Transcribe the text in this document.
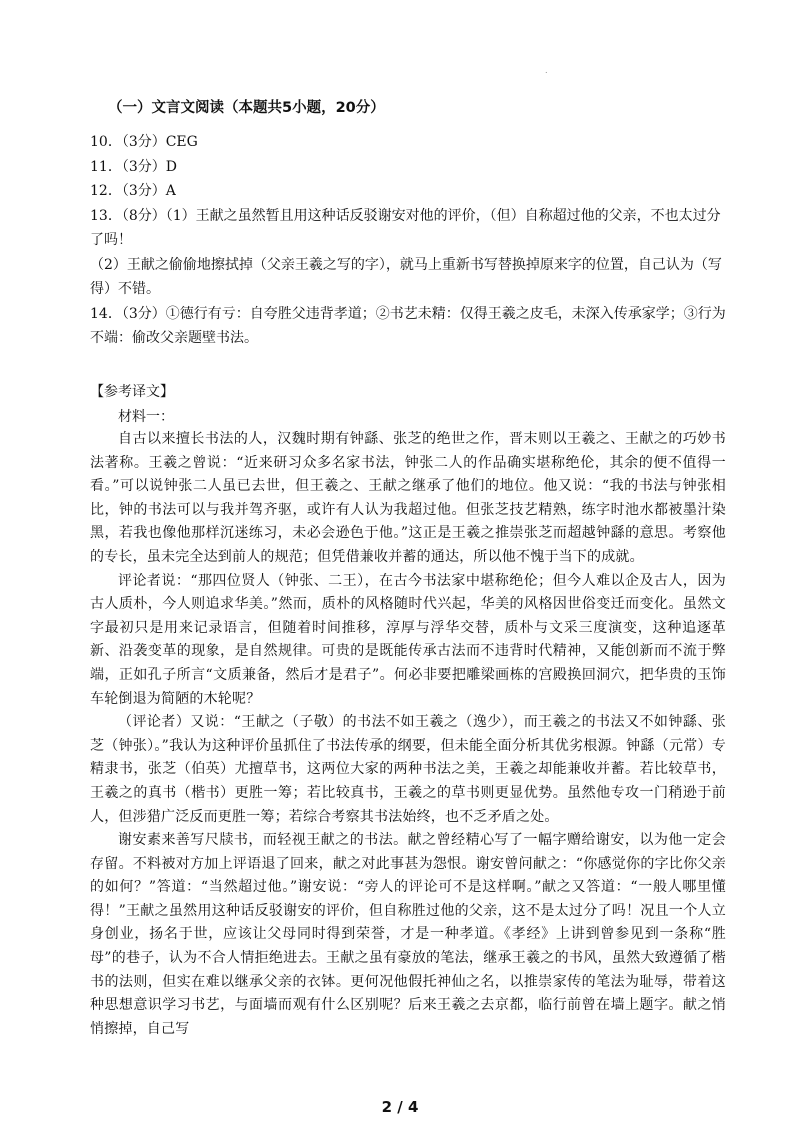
.
（一）文言文阅读（本题共5小题，20分）
10．（3分）CEG
11．（3分）D
12．（3分）A
13．（8分）（1）王献之虽然暂且用这种话反驳谢安对他的评价，（但）自称超过他的父亲，不也太过分了吗！
（2）王献之偷偷地擦拭掉（父亲王羲之写的字），就马上重新书写替换掉原来字的位置，自己认为（写得）不错。
14．（3分）①德行有亏：自夸胜父违背孝道；②书艺未精：仅得王羲之皮毛，未深入传承家学；③行为不端：偷改父亲题壁书法。
【参考译文】
材料一：

自古以来擅长书法的人，汉魏时期有钟繇、张芝的绝世之作，晋末则以王羲之、王献之的巧妙书法著称。王羲之曾说：“近来研习众多名家书法，钟张二人的作品确实堪称绝伦，其余的便不值得一看。”可以说钟张二人虽已去世，但王羲之、王献之继承了他们的地位。他又说：“我的书法与钟张相比，钟的书法可以与我并驾齐驱，或许有人认为我超过他。但张芝技艺精熟，练字时池水都被墨汁染黑，若我也像他那样沉迷练习，未必会逊色于他。”这正是王羲之推崇张芝而超越钟繇的意思。考察他的专长，虽未完全达到前人的规范；但凭借兼收并蓄的通达，所以他不愧于当下的成就。

评论者说：“那四位贤人（钟张、二王），在古今书法家中堪称绝伦；但今人难以企及古人，因为古人质朴，今人则追求华美。”然而，质朴的风格随时代兴起，华美的风格因世俗变迁而变化。虽然文字最初只是用来记录语言，但随着时间推移，淳厚与浮华交替，质朴与文采三度演变，这种追逐革新、沿袭变革的现象，是自然规律。可贵的是既能传承古法而不违背时代精神，又能创新而不流于弊端，正如孔子所言“文质兼备，然后才是君子”。何必非要把雕梁画栋的宫殿换回洞穴，把华贵的玉饰车轮倒退为简陋的木轮呢？

（评论者）又说：“王献之（子敬）的书法不如王羲之（逸少），而王羲之的书法又不如钟繇、张芝（钟张）。”我认为这种评价虽抓住了书法传承的纲要，但未能全面分析其优劣根源。钟繇（元常）专精隶书，张芝（伯英）尤擅草书，这两位大家的两种书法之美，王羲之却能兼收并蓄。若比较草书，王羲之的真书（楷书）更胜一筹；若比较真书，王羲之的草书则更显优势。虽然他专攻一门稍逊于前人，但涉猎广泛反而更胜一筹；若综合考察其书法始终，也不乏矛盾之处。

谢安素来善写尺牍书，而轻视王献之的书法。献之曾经精心写了一幅字赠给谢安，以为他一定会存留。不料被对方加上评语退了回来，献之对此事甚为怨恨。谢安曾问献之：“你感觉你的字比你父亲的如何？”答道：“当然超过他。”谢安说：“旁人的评论可不是这样啊。”献之又答道：“一般人哪里懂得！”王献之虽然用这种话反驳谢安的评价，但自称胜过他的父亲，这不是太过分了吗！况且一个人立身创业，扬名于世，应该让父母同时得到荣誉，才是一种孝道。《孝经》上讲到曾参见到一条称“胜母”的巷子，认为不合人情拒绝进去。王献之虽有豪放的笔法，继承王羲之的书风，虽然大致遵循了楷书的法则，但实在难以继承父亲的衣钵。更何况他假托神仙之名，以推崇家传的笔法为耻辱，带着这种思想意识学习书艺，与面墙而观有什么区别呢？后来王羲之去京都，临行前曾在墙上题字。献之悄悄擦掉，自己写

2 / 4
